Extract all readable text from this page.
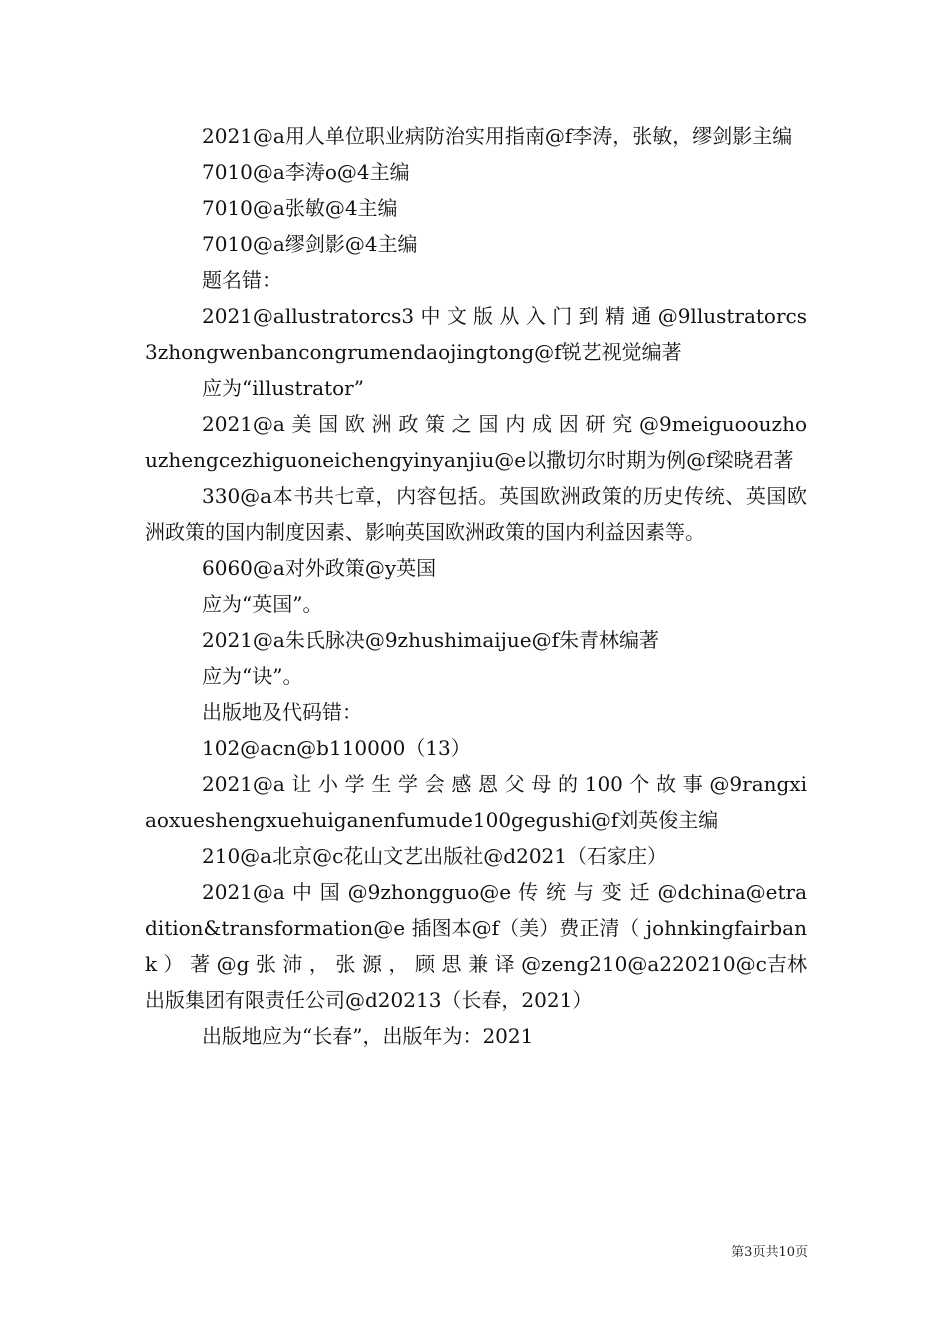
2021@a用人单位职业病防治实用指南@f李涛，张敏，缪剑影主编

7010@a李涛o@4主编

7010@a张敏@4主编

7010@a缪剑影@4主编

题名错：

2021@allustratorcs3 中 文 版 从 入 门 到 精 通 @9llustratorcs3zhongwenbancongrumendaojingtong@f锐艺视觉编著

应为“illustrator”

2021@a 美 国 欧 洲 政 策 之 国 内 成 因 研 究 @9meiguoouzhouzhengcezhiguoneichengyinyanjiu@e以撒切尔时期为例@f梁晓君著

330@a本书共七章，内容包括。英国欧洲政策的历史传统、英国欧洲政策的国内制度因素、影响英国欧洲政策的国内利益因素等。

6060@a对外政策@y英国

应为“英国”。

2021@a朱氏脉决@9zhushimaijue@f朱青林编著

应为“诀”。

出版地及代码错：

102@acn@b110000（13）

2021@a 让 小 学 生 学 会 感 恩 父 母 的 100 个 故 事 @9rangxiaoxueshengxuehuiganenfumude100gegushi@f刘英俊主编

210@a北京@c花山文艺出版社@d2021（石家庄）

2021@a 中 国 @9zhongguo@e 传 统 与 变 迁 @dchina@etradition&transformation@e 插图本@f（美）费正清（ johnkingfairbank ） 著 @g 张 沛 ， 张 源 ， 顾 思 兼 译 @zeng210@a220210@c吉林出版集团有限责任公司@d20213（长春，2021）

出版地应为“长春”，出版年为：2021

第3页共10页
